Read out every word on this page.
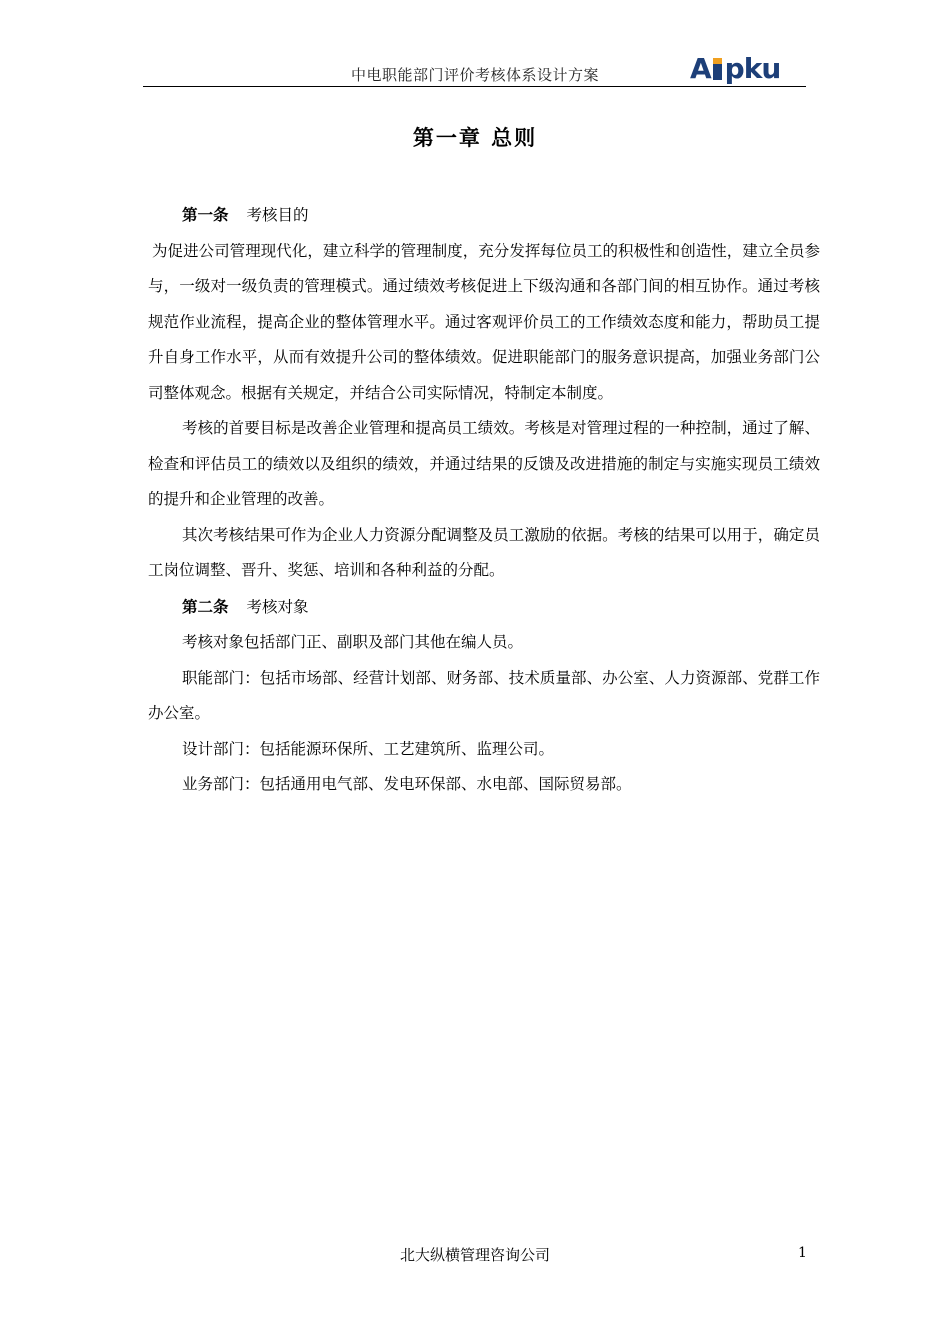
中电职能部门评价考核体系设计方案	A pku
第一章 总则

第一条 考核目的

为促进公司管理现代化，建立科学的管理制度，充分发挥每位员工的积极性和创造性，建立全员参与，一级对一级负责的管理模式。通过绩效考核促进上下级沟通和各部门间的相互协作。通过考核规范作业流程，提高企业的整体管理水平。通过客观评价员工的工作绩效态度和能力，帮助员工提升自身工作水平，从而有效提升公司的整体绩效。促进职能部门的服务意识提高，加强业务部门公司整体观念。根据有关规定，并结合公司实际情况，特制定本制度。

考核的首要目标是改善企业管理和提高员工绩效。考核是对管理过程的一种控制，通过了解、检查和评估员工的绩效以及组织的绩效，并通过结果的反馈及改进措施的制定与实施实现员工绩效的提升和企业管理的改善。

其次考核结果可作为企业人力资源分配调整及员工激励的依据。考核的结果可以用于，确定员工岗位调整、晋升、奖惩、培训和各种利益的分配。

第二条 考核对象

考核对象包括部门正、副职及部门其他在编人员。

职能部门：包括市场部、经营计划部、财务部、技术质量部、办公室、人力资源部、党群工作办公室。

设计部门：包括能源环保所、工艺建筑所、监理公司。

业务部门：包括通用电气部、发电环保部、水电部、国际贸易部。

北大纵横管理咨询公司	1
